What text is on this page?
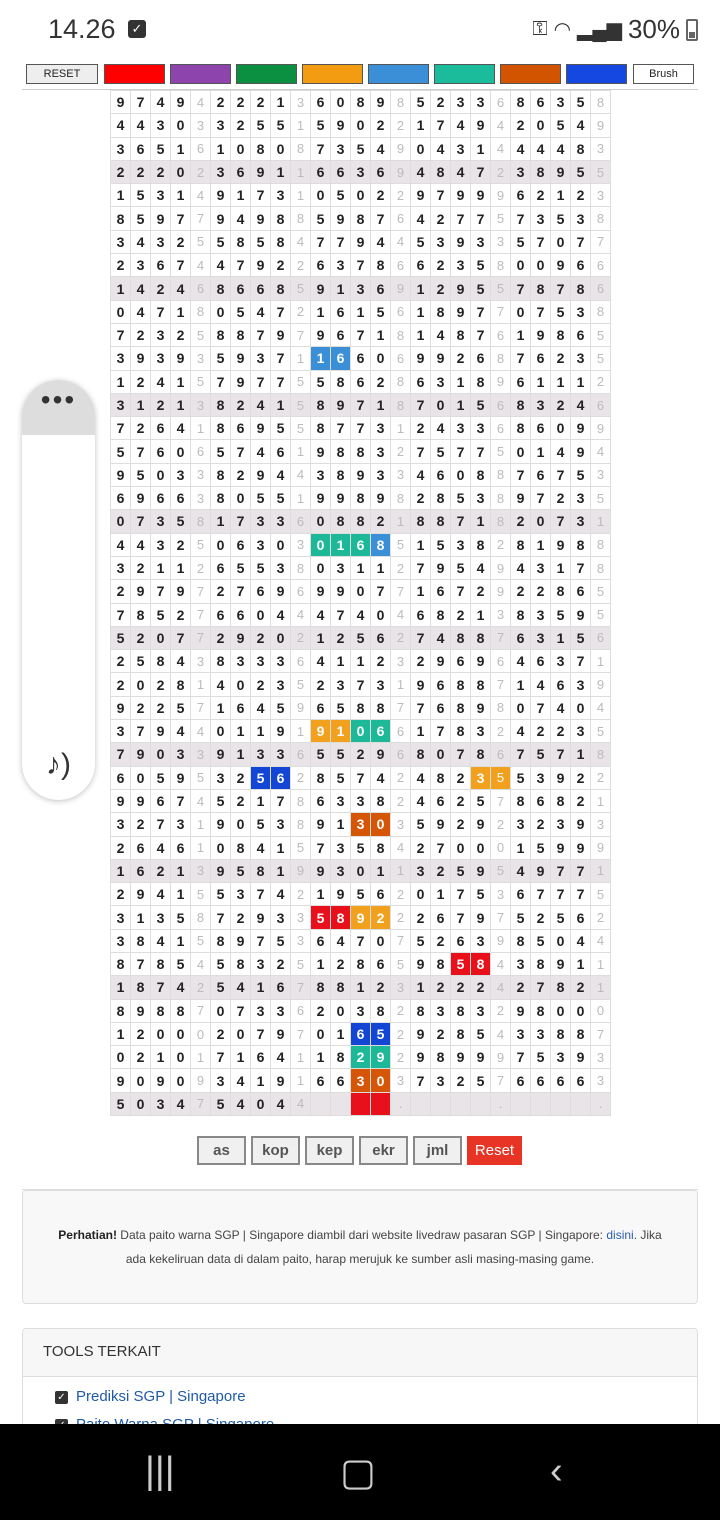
14.26 ✓	⚿ ◠ ▂▄▆ 30%
RESET	Brush
9	7	4	9	4	2	2	2	1	3	6	0	8	9	8	5	2	3	3	6	8	6	3	5	8
4	4	3	0	3	3	2	5	5	1	5	9	0	2	2	1	7	4	9	4	2	0	5	4	9
3	6	5	1	6	1	0	8	0	8	7	3	5	4	9	0	4	3	1	4	4	4	4	8	3
2	2	2	0	2	3	6	9	1	1	6	6	3	6	9	4	8	4	7	2	3	8	9	5	5
1	5	3	1	4	9	1	7	3	1	0	5	0	2	2	9	7	9	9	9	6	2	1	2	3
8	5	9	7	7	9	4	9	8	8	5	9	8	7	6	4	2	7	7	5	7	3	5	3	8
3	4	3	2	5	5	8	5	8	4	7	7	9	4	4	5	3	9	3	3	5	7	0	7	7
2	3	6	7	4	4	7	9	2	2	6	3	7	8	6	6	2	3	5	8	0	0	9	6	6
1	4	2	4	6	8	6	6	8	5	9	1	3	6	9	1	2	9	5	5	7	8	7	8	6
0	4	7	1	8	0	5	4	7	2	1	6	1	5	6	1	8	9	7	7	0	7	5	3	8
7	2	3	2	5	8	8	7	9	7	9	6	7	1	8	1	4	8	7	6	1	9	8	6	5
3	9	3	9	3	5	9	3	7	1	1	6	6	0	6	9	9	2	6	8	7	6	2	3	5
1	2	4	1	5	7	9	7	7	5	5	8	6	2	8	6	3	1	8	9	6	1	1	1	2
3	1	2	1	3	8	2	4	1	5	8	9	7	1	8	7	0	1	5	6	8	3	2	4	6
7	2	6	4	1	8	6	9	5	5	8	7	7	3	1	2	4	3	3	6	8	6	0	9	9
5	7	6	0	6	5	7	4	6	1	9	8	8	3	2	7	5	7	7	5	0	1	4	9	4
9	5	0	3	3	8	2	9	4	4	3	8	9	3	3	4	6	0	8	8	7	6	7	5	3
6	9	6	6	3	8	0	5	5	1	9	9	8	9	8	2	8	5	3	8	9	7	2	3	5
0	7	3	5	8	1	7	3	3	6	0	8	8	2	1	8	8	7	1	8	2	0	7	3	1
4	4	3	2	5	0	6	3	0	3	0	1	6	8	5	1	5	3	8	2	8	1	9	8	8
3	2	1	1	2	6	5	5	3	8	0	3	1	1	2	7	9	5	4	9	4	3	1	7	8
2	9	7	9	7	2	7	6	9	6	9	9	0	7	7	1	6	7	2	9	2	2	8	6	5
7	8	5	2	7	6	6	0	4	4	4	7	4	0	4	6	8	2	1	3	8	3	5	9	5
5	2	0	7	7	2	9	2	0	2	1	2	5	6	2	7	4	8	8	7	6	3	1	5	6
2	5	8	4	3	8	3	3	3	6	4	1	1	2	3	2	9	6	9	6	4	6	3	7	1
2	0	2	8	1	4	0	2	3	5	2	3	7	3	1	9	6	8	8	7	1	4	6	3	9
9	2	2	5	7	1	6	4	5	9	6	5	8	8	7	7	6	8	9	8	0	7	4	0	4
3	7	9	4	4	0	1	1	9	1	9	1	0	6	6	1	7	8	3	2	4	2	2	3	5
7	9	0	3	3	9	1	3	3	6	5	5	2	9	6	8	0	7	8	6	7	5	7	1	8
6	0	5	9	5	3	2	5	6	2	8	5	7	4	2	4	8	2	3	5	5	3	9	2	2
9	9	6	7	4	5	2	1	7	8	6	3	3	8	2	4	6	2	5	7	8	6	8	2	1
3	2	7	3	1	9	0	5	3	8	9	1	3	0	3	5	9	2	9	2	3	2	3	9	3
2	6	4	6	1	0	8	4	1	5	7	3	5	8	4	2	7	0	0	0	1	5	9	9	9
1	6	2	1	3	9	5	8	1	9	9	3	0	1	1	3	2	5	9	5	4	9	7	7	1
2	9	4	1	5	5	3	7	4	2	1	9	5	6	2	0	1	7	5	3	6	7	7	7	5
3	1	3	5	8	7	2	9	3	3	5	8	9	2	2	2	6	7	9	7	5	2	5	6	2
3	8	4	1	5	8	9	7	5	3	6	4	7	0	7	5	2	6	3	9	8	5	0	4	4
8	7	8	5	4	5	8	3	2	5	1	2	8	6	5	9	8	5	8	4	3	8	9	1	1
1	8	7	4	2	5	4	1	6	7	8	8	1	2	3	1	2	2	2	4	2	7	8	2	1
8	9	8	8	7	0	7	3	3	6	2	0	3	8	2	8	3	8	3	2	9	8	0	0	0
1	2	0	0	0	2	0	7	9	7	0	1	6	5	2	9	2	8	5	4	3	3	8	8	7
0	2	1	0	1	7	1	6	4	1	1	8	2	9	2	9	8	9	9	9	7	5	3	9	3
9	0	9	0	9	3	4	1	9	1	6	6	3	0	3	7	3	2	5	7	6	6	6	6	3
5	0	3	4	7	5	4	0	4	4					.					.					.
as	kop	kep	ekr	jml	Reset
Perhatian! Data paito warna SGP | Singapore diambil dari website livedraw pasaran SGP | Singapore: disini. Jika ada kekeliruan data di dalam paito, harap merujuk ke sumber asli masing-masing game.
TOOLS TERKAIT
✓ Prediksi SGP | Singapore
•••
♪)
|||	▢	‹
